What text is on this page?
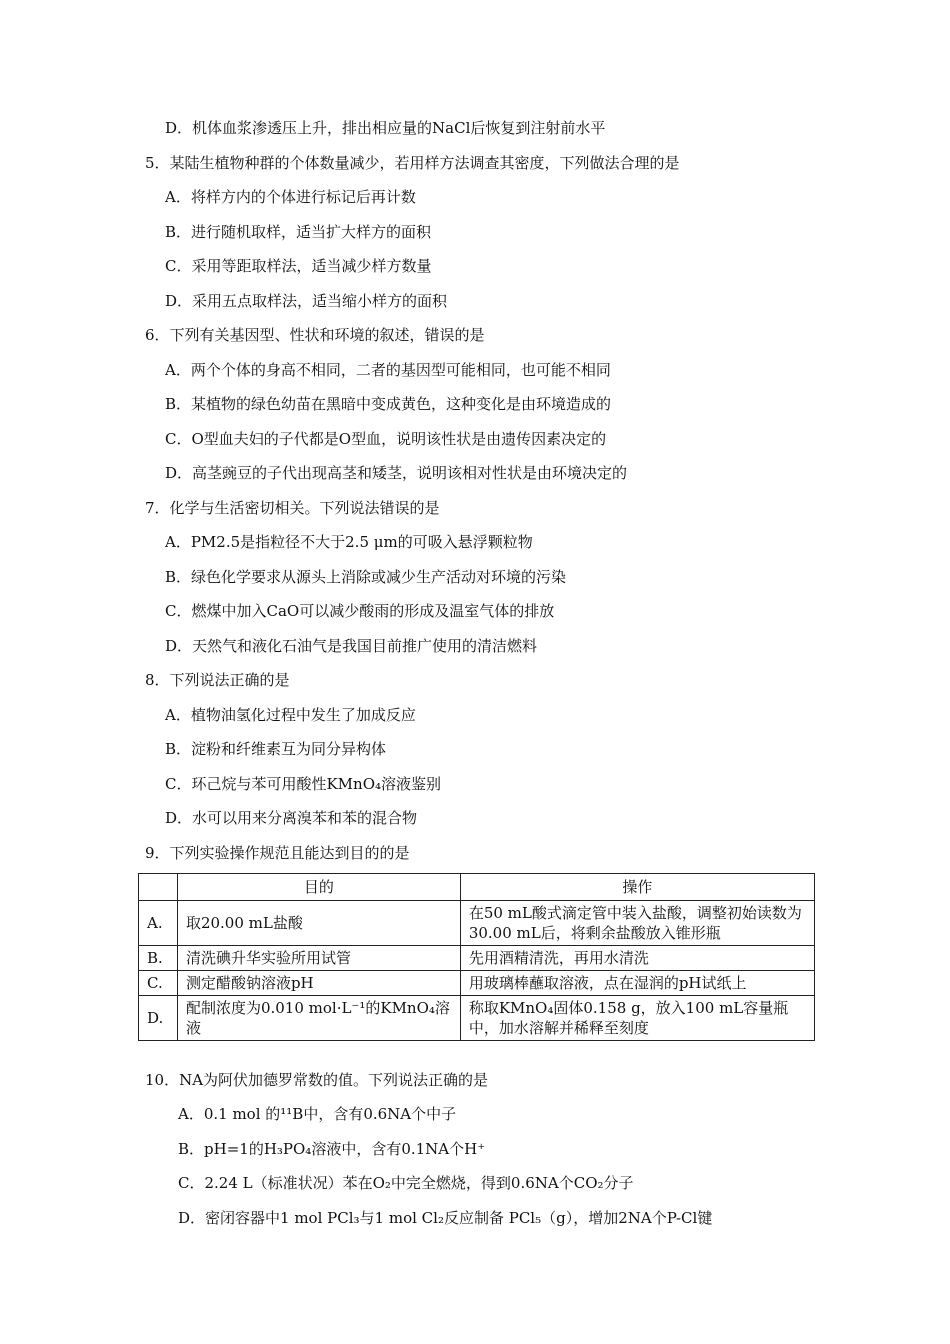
D．机体血浆渗透压上升，排出相应量的NaCl后恢复到注射前水平
5．某陆生植物种群的个体数量减少，若用样方法调查其密度，下列做法合理的是
A．将样方内的个体进行标记后再计数
B．进行随机取样，适当扩大样方的面积
C．采用等距取样法，适当减少样方数量
D．采用五点取样法，适当缩小样方的面积
6．下列有关基因型、性状和环境的叙述，错误的是
A．两个个体的身高不相同，二者的基因型可能相同，也可能不相同
B．某植物的绿色幼苗在黑暗中变成黄色，这种变化是由环境造成的
C．O型血夫妇的子代都是O型血，说明该性状是由遗传因素决定的
D．高茎豌豆的子代出现高茎和矮茎，说明该相对性状是由环境决定的
7．化学与生活密切相关。下列说法错误的是
A．PM2.5是指粒径不大于2.5 μm的可吸入悬浮颗粒物
B．绿色化学要求从源头上消除或减少生产活动对环境的污染
C．燃煤中加入CaO可以减少酸雨的形成及温室气体的排放
D．天然气和液化石油气是我国目前推广使用的清洁燃料
8．下列说法正确的是
A．植物油氢化过程中发生了加成反应
B．淀粉和纤维素互为同分异构体
C．环己烷与苯可用酸性KMnO₄溶液鉴别
D．水可以用来分离溴苯和苯的混合物
9．下列实验操作规范且能达到目的的是
	目的	操作
A.	取20.00 mL盐酸	在50 mL酸式滴定管中装入盐酸，调整初始读数为30.00 mL后，将剩余盐酸放入锥形瓶
B.	清洗碘升华实验所用试管	先用酒精清洗，再用水清洗
C.	测定醋酸钠溶液pH	用玻璃棒蘸取溶液，点在湿润的pH试纸上
D.	配制浓度为0.010 mol·L⁻¹的KMnO₄溶液	称取KMnO₄固体0.158 g，放入100 mL容量瓶中，加水溶解并稀释至刻度
10．NA为阿伏加德罗常数的值。下列说法正确的是
A．0.1 mol 的¹¹B中，含有0.6NA个中子
B．pH=1的H₃PO₄溶液中，含有0.1NA个H⁺
C．2.24 L（标准状况）苯在O₂中完全燃烧，得到0.6NA个CO₂分子
D．密闭容器中1 mol PCl₃与1 mol Cl₂反应制备 PCl₅（g），增加2NA个P-Cl键
